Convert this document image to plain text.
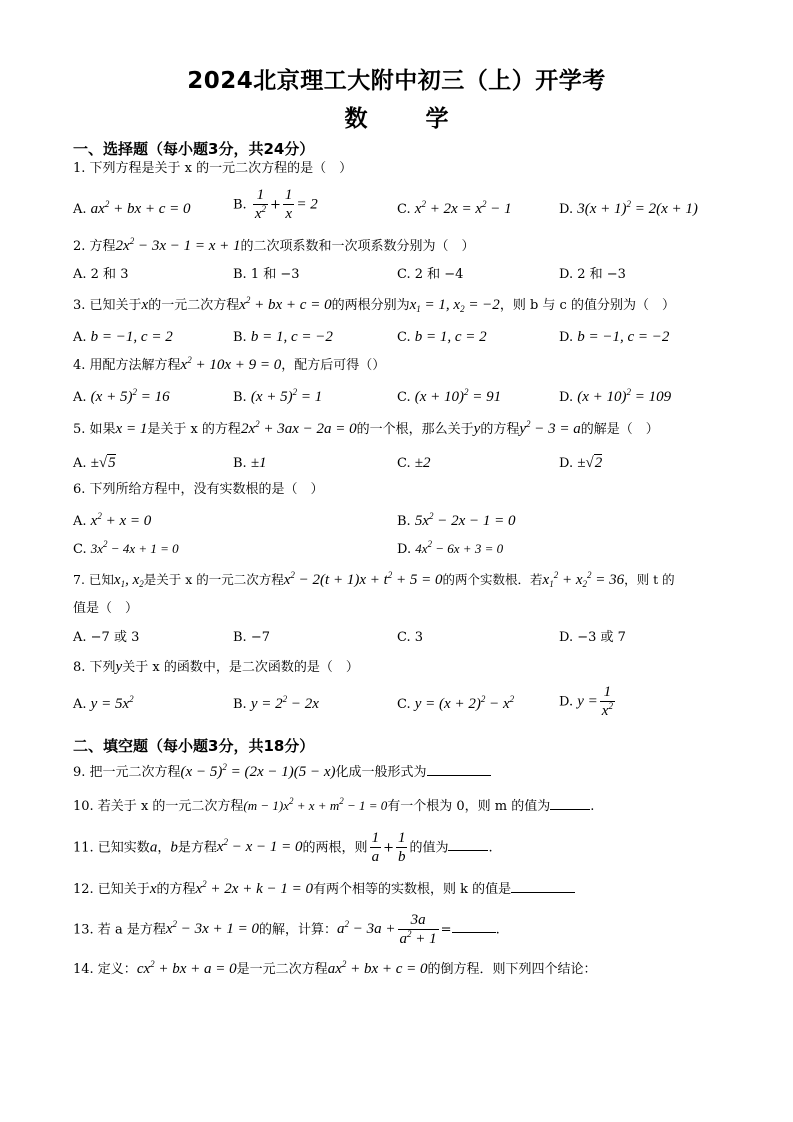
2024北京理工大附中初三（上）开学考
数 学
一、选择题（每小题3分，共24分）
1. 下列方程是关于 x 的一元二次方程的是（　）
A. $ax^2$ + bx + c = 0	B. $\frac{1}{x^2} + \frac{1}{x} = 2$	C. $x^2 + 2x = x^2 - 1$	D. $3(x + 1)^2 = 2(x + 1)$
2. 方程$2x^2 - 3x - 1 = x + 1$的二次项系数和一次项系数分别为（　）
A. 2 和 3	B. 1 和 −3	C. 2 和 −4	D. 2 和 −3
3. 已知关于x的一元二次方程$x^2$ + bx + c = 0的两根分别为$x_1 = 1$, $x_2 = -2$，则 b 与 c 的值分别为（　）
A. b = −1, c = 2	B. b = 1, c = −2	C. b = 1, c = 2	D. b = −1, c = −2
4. 用配方法解方程$x^2 + 10x + 9 = 0$，配方后可得（）
A. $(x + 5)^2 = 16$	B. $(x + 5)^2 = 1$	C. $(x + 10)^2 = 91$	D. $(x + 10)^2 = 109$
5. 如果x = 1是关于 x 的方程$2x^2 + 3ax - 2a = 0$的一个根，那么关于y的方程$y^2 - 3 = a$的解是（　）
A. ±√5	B. ±1	C. ±2	D. ±√2
6. 下列所给方程中，没有实数根的是（　）
A. $x^2 + x = 0$	B. $5x^2 - 2x - 1 = 0$
C. $3x^2 - 4x + 1 = 0$	D. $4x^2 - 6x + 3 = 0$
7. 已知$x_1$, $x_2$是关于 x 的一元二次方程$x^2 - 2(t + 1)x + t^2 + 5 = 0$的两个实数根．若$x_1^2 + x_2^2 = 36$，则 t 的
值是（　）
A. −7 或 3	B. −7	C. 3	D. −3 或 7
8. 下列y关于 x 的函数中，是二次函数的是（　）
A. $y = 5x^2$	B. $y = 2^2 - 2x$	C. $y = (x + 2)^2 - x^2$	D. $y = \frac{1}{x^2}$
二、填空题（每小题3分，共18分）
9. 把一元二次方程$(x - 5)^2 = (2x - 1)(5 - x)$化成一般形式为
10. 若关于 x 的一元二次方程$(m - 1)x^2 + x + m^2 - 1 = 0$有一个根为 0，则 m 的值为	.
11. 已知实数a，b是方程$x^2 - x - 1 = 0$的两根，则 $\frac{1}{a} + \frac{1}{b}$ 的值为	.
12. 已知关于x的方程$x^2 + 2x + k - 1 = 0$有两个相等的实数根，则 k 的值是
13. 若 a 是方程$x^2 - 3x + 1 = 0$的解，计算：$a^2 - 3a + \frac{3a}{a^2 + 1}$ =	.
14. 定义：$cx^2$ + bx + a = 0是一元二次方程$ax^2$ + bx + c = 0的倒方程．则下列四个结论：
